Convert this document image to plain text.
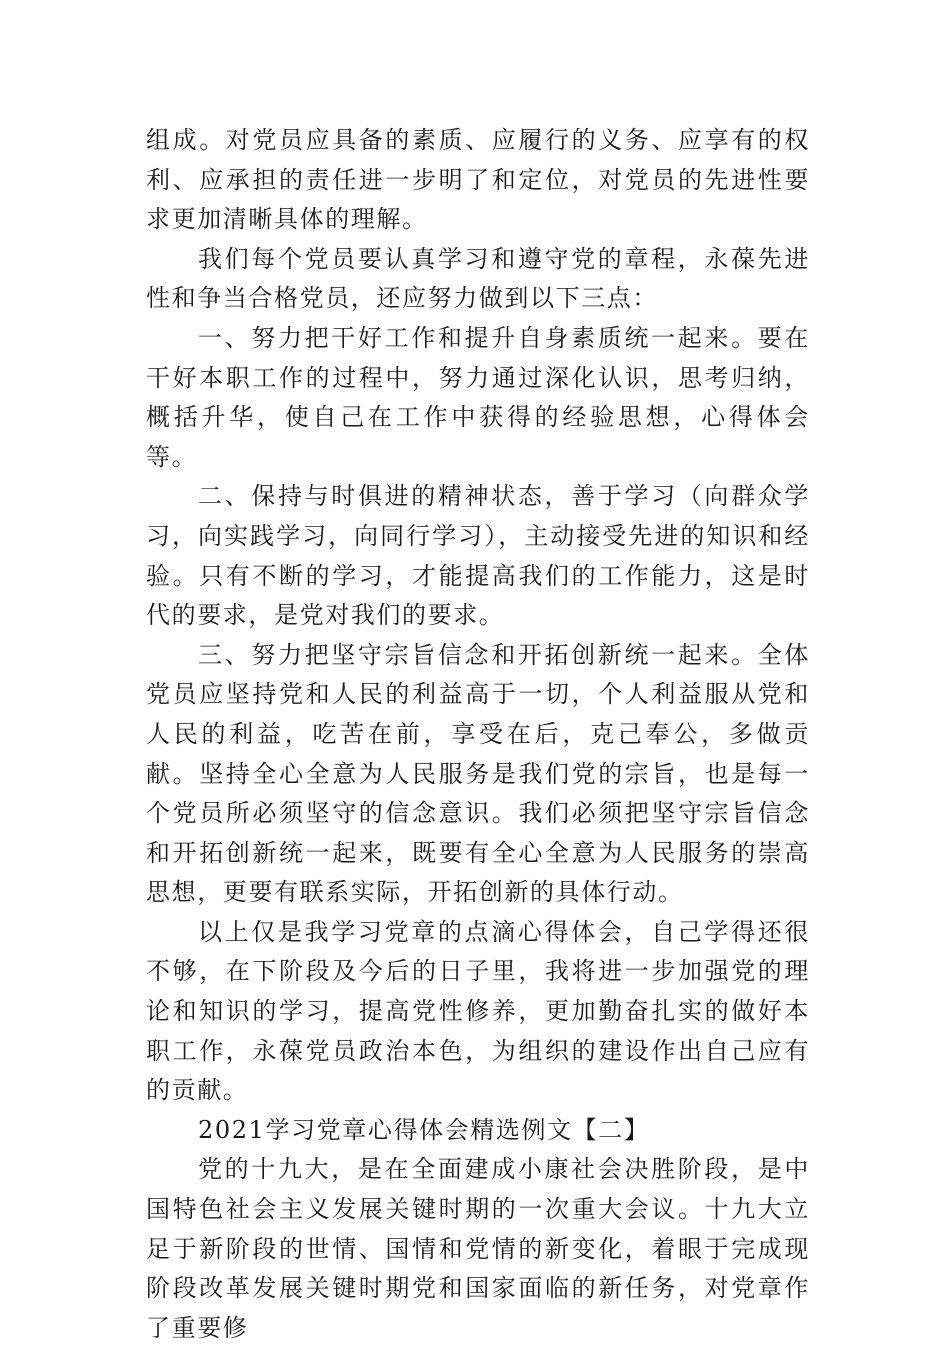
组成。对党员应具备的素质、应履行的义务、应享有的权利、应承担的责任进一步明了和定位，对党员的先进性要求更加清晰具体的理解。

我们每个党员要认真学习和遵守党的章程，永葆先进性和争当合格党员，还应努力做到以下三点：

一、努力把干好工作和提升自身素质统一起来。要在干好本职工作的过程中，努力通过深化认识，思考归纳，概括升华，使自己在工作中获得的经验思想，心得体会等。

二、保持与时俱进的精神状态，善于学习（向群众学习，向实践学习，向同行学习），主动接受先进的知识和经验。只有不断的学习，才能提高我们的工作能力，这是时代的要求，是党对我们的要求。

三、努力把坚守宗旨信念和开拓创新统一起来。全体党员应坚持党和人民的利益高于一切，个人利益服从党和人民的利益，吃苦在前，享受在后，克己奉公，多做贡献。坚持全心全意为人民服务是我们党的宗旨，也是每一个党员所必须坚守的信念意识。我们必须把坚守宗旨信念和开拓创新统一起来，既要有全心全意为人民服务的崇高思想，更要有联系实际，开拓创新的具体行动。

以上仅是我学习党章的点滴心得体会，自己学得还很不够，在下阶段及今后的日子里，我将进一步加强党的理论和知识的学习，提高党性修养，更加勤奋扎实的做好本职工作，永葆党员政治本色，为组织的建设作出自己应有的贡献。

2021学习党章心得体会精选例文【二】

党的十九大，是在全面建成小康社会决胜阶段，是中国特色社会主义发展关键时期的一次重大会议。十九大立足于新阶段的世情、国情和党情的新变化，着眼于完成现阶段改革发展关键时期党和国家面临的新任务，对党章作了重要修
